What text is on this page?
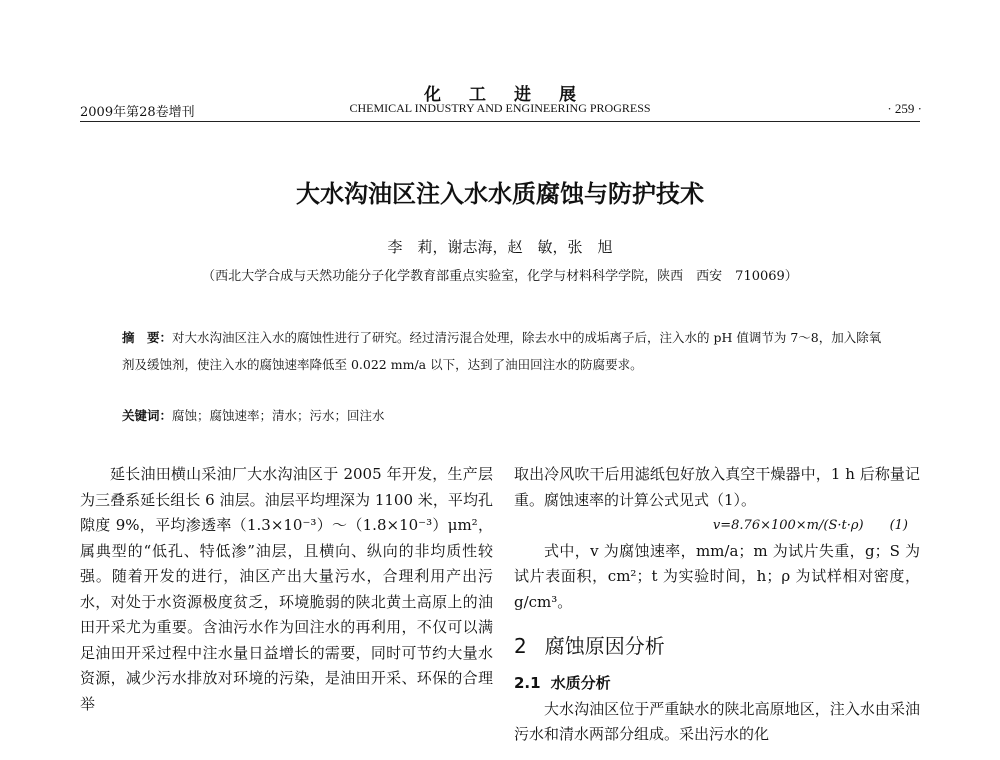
化工进展
2009年第28卷增刊	CHEMICAL INDUSTRY AND ENGINEERING PROGRESS	· 259 ·
大水沟油区注入水水质腐蚀与防护技术
李　莉，谢志海，赵　敏，张　旭
（西北大学合成与天然功能分子化学教育部重点实验室，化学与材料科学学院，陕西　西安　710069）
摘　要：对大水沟油区注入水的腐蚀性进行了研究。经过清污混合处理，除去水中的成垢离子后，注入水的 pH 值调节为 7～8，加入除氧剂及缓蚀剂，使注入水的腐蚀速率降低至 0.022 mm/a 以下，达到了油田回注水的防腐要求。
关键词：腐蚀；腐蚀速率；清水；污水；回注水

延长油田横山采油厂大水沟油区于 2005 年开发，生产层为三叠系延长组长 6 油层。油层平均埋深为 1100 米，平均孔隙度 9%，平均渗透率（1.3×10⁻³）～（1.8×10⁻³）μm²，属典型的“低孔、特低渗”油层，且横向、纵向的非均质性较强。随着开发的进行，油区产出大量污水，合理利用产出污水，对处于水资源极度贫乏，环境脆弱的陕北黄土高原上的油田开采尤为重要。含油污水作为回注水的再利用，不仅可以满足油田开采过程中注水量日益增长的需要，同时可节约大量水资源，减少污水排放对环境的污染，是油田开采、环保的合理举

取出冷风吹干后用滤纸包好放入真空干燥器中，1 h 后称量记重。腐蚀速率的计算公式见式（1）。

v=8.76×100×m/(S·t·ρ)　　(1)

式中，v 为腐蚀速率，mm/a；m 为试片失重，g；S 为试片表面积，cm²；t 为实验时间，h；ρ 为试样相对密度，g/cm³。

2 腐蚀原因分析
2.1 水质分析

大水沟油区位于严重缺水的陕北高原地区，注入水由采油污水和清水两部分组成。采出污水的化
